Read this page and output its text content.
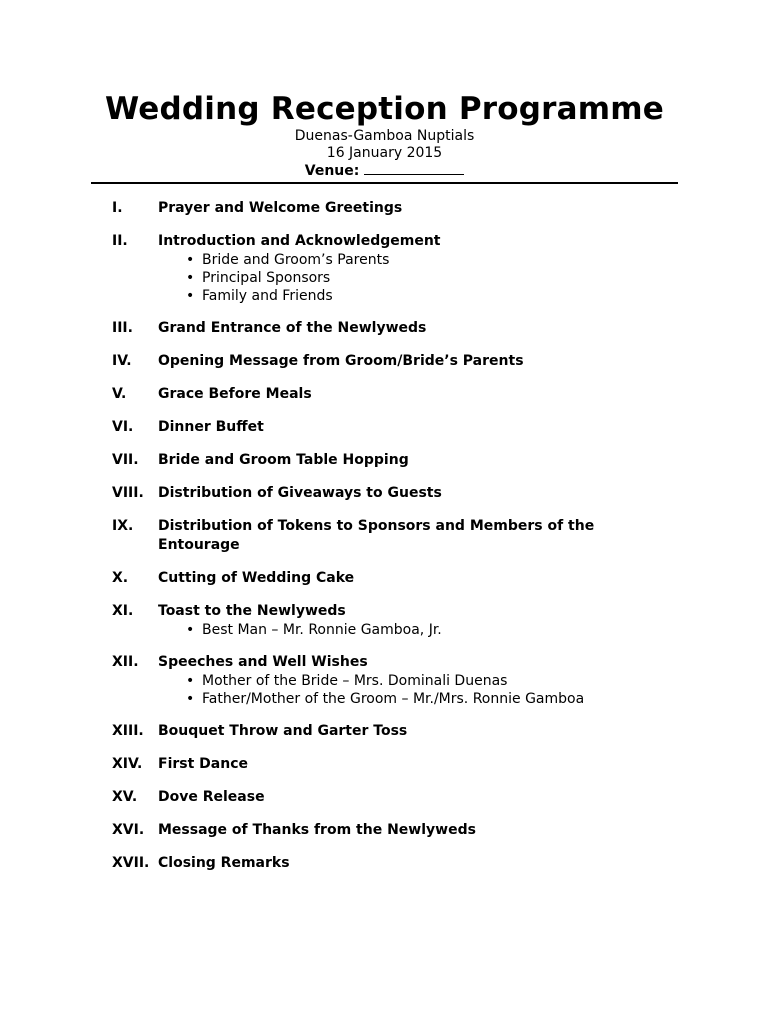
Wedding Reception Programme

Duenas-Gamboa Nuptials

16 January 2015

Venue:

I.	Prayer and Welcome Greetings
II. Introduction and Acknowledgement
• Bride and Groom’s Parents
• Principal Sponsors
• Family and Friends
III. Grand Entrance of the Newlyweds
IV. Opening Message from Groom/Bride’s Parents
V. Grace Before Meals
VI. Dinner Buffet
VII. Bride and Groom Table Hopping
VIII. Distribution of Giveaways to Guests
IX. Distribution of Tokens to Sponsors and Members of the Entourage
X. Cutting of Wedding Cake
XI. Toast to the Newlyweds
• Best Man – Mr. Ronnie Gamboa, Jr.
XII. Speeches and Well Wishes
• Mother of the Bride – Mrs. Dominali Duenas
• Father/Mother of the Groom – Mr./Mrs. Ronnie Gamboa
XIII. Bouquet Throw and Garter Toss
XIV. First Dance
XV. Dove Release
XVI. Message of Thanks from the Newlyweds
XVII. Closing Remarks
